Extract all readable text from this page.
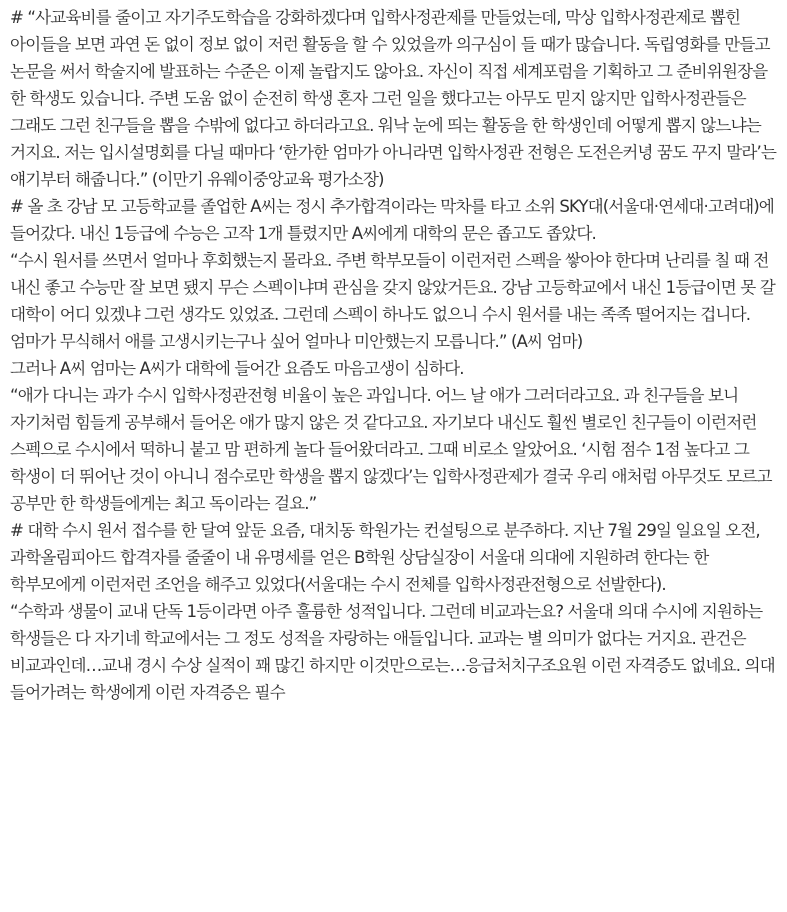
# “사교육비를 줄이고 자기주도학습을 강화하겠다며 입학사정관제를 만들었는데, 막상 입학사정관제로 뽑힌 아이들을 보면 과연 돈 없이 정보 없이 저런 활동을 할 수 있었을까 의구심이 들 때가 많습니다. 독립영화를 만들고 논문을 써서 학술지에 발표하는 수준은 이제 놀랍지도 않아요. 자신이 직접 세계포럼을 기획하고 그 준비위원장을 한 학생도 있습니다. 주변 도움 없이 순전히 학생 혼자 그런 일을 했다고는 아무도 믿지 않지만 입학사정관들은 그래도 그런 친구들을 뽑을 수밖에 없다고 하더라고요. 워낙 눈에 띄는 활동을 한 학생인데 어떻게 뽑지 않느냐는 거지요. 저는 입시설명회를 다닐 때마다 ‘한가한 엄마가 아니라면 입학사정관 전형은 도전은커녕 꿈도 꾸지 말라’는 얘기부터 해줍니다.” (이만기 유웨이중앙교육 평가소장)

# 올 초 강남 모 고등학교를 졸업한 A씨는 정시 추가합격이라는 막차를 타고 소위 SKY대(서울대·연세대·고려대)에 들어갔다. 내신 1등급에 수능은 고작 1개 틀렸지만 A씨에게 대학의 문은 좁고도 좁았다.

“수시 원서를 쓰면서 얼마나 후회했는지 몰라요. 주변 학부모들이 이런저런 스펙을 쌓아야 한다며 난리를 칠 때 전 내신 좋고 수능만 잘 보면 됐지 무슨 스펙이냐며 관심을 갖지 않았거든요. 강남 고등학교에서 내신 1등급이면 못 갈 대학이 어디 있겠냐 그런 생각도 있었죠. 그런데 스펙이 하나도 없으니 수시 원서를 내는 족족 떨어지는 겁니다. 엄마가 무식해서 애를 고생시키는구나 싶어 얼마나 미안했는지 모릅니다.” (A씨 엄마)

그러나 A씨 엄마는 A씨가 대학에 들어간 요즘도 마음고생이 심하다.

“애가 다니는 과가 수시 입학사정관전형 비율이 높은 과입니다. 어느 날 애가 그러더라고요. 과 친구들을 보니 자기처럼 힘들게 공부해서 들어온 애가 많지 않은 것 같다고요. 자기보다 내신도 훨씬 별로인 친구들이 이런저런 스펙으로 수시에서 떡하니 붙고 맘 편하게 놀다 들어왔더라고. 그때 비로소 알았어요. ‘시험 점수 1점 높다고 그 학생이 더 뛰어난 것이 아니니 점수로만 학생을 뽑지 않겠다’는 입학사정관제가 결국 우리 애처럼 아무것도 모르고 공부만 한 학생들에게는 최고 독이라는 걸요.”

# 대학 수시 원서 접수를 한 달여 앞둔 요즘, 대치동 학원가는 컨설팅으로 분주하다. 지난 7월 29일 일요일 오전, 과학올림피아드 합격자를 줄줄이 내 유명세를 얻은 B학원 상담실장이 서울대 의대에 지원하려 한다는 한 학부모에게 이런저런 조언을 해주고 있었다(서울대는 수시 전체를 입학사정관전형으로 선발한다).

“수학과 생물이 교내 단독 1등이라면 아주 훌륭한 성적입니다. 그런데 비교과는요? 서울대 의대 수시에 지원하는 학생들은 다 자기네 학교에서는 그 정도 성적을 자랑하는 애들입니다. 교과는 별 의미가 없다는 거지요. 관건은 비교과인데…교내 경시 수상 실적이 꽤 많긴 하지만 이것만으로는…응급처치구조요원 이런 자격증도 없네요. 의대 들어가려는 학생에게 이런 자격증은 필수
